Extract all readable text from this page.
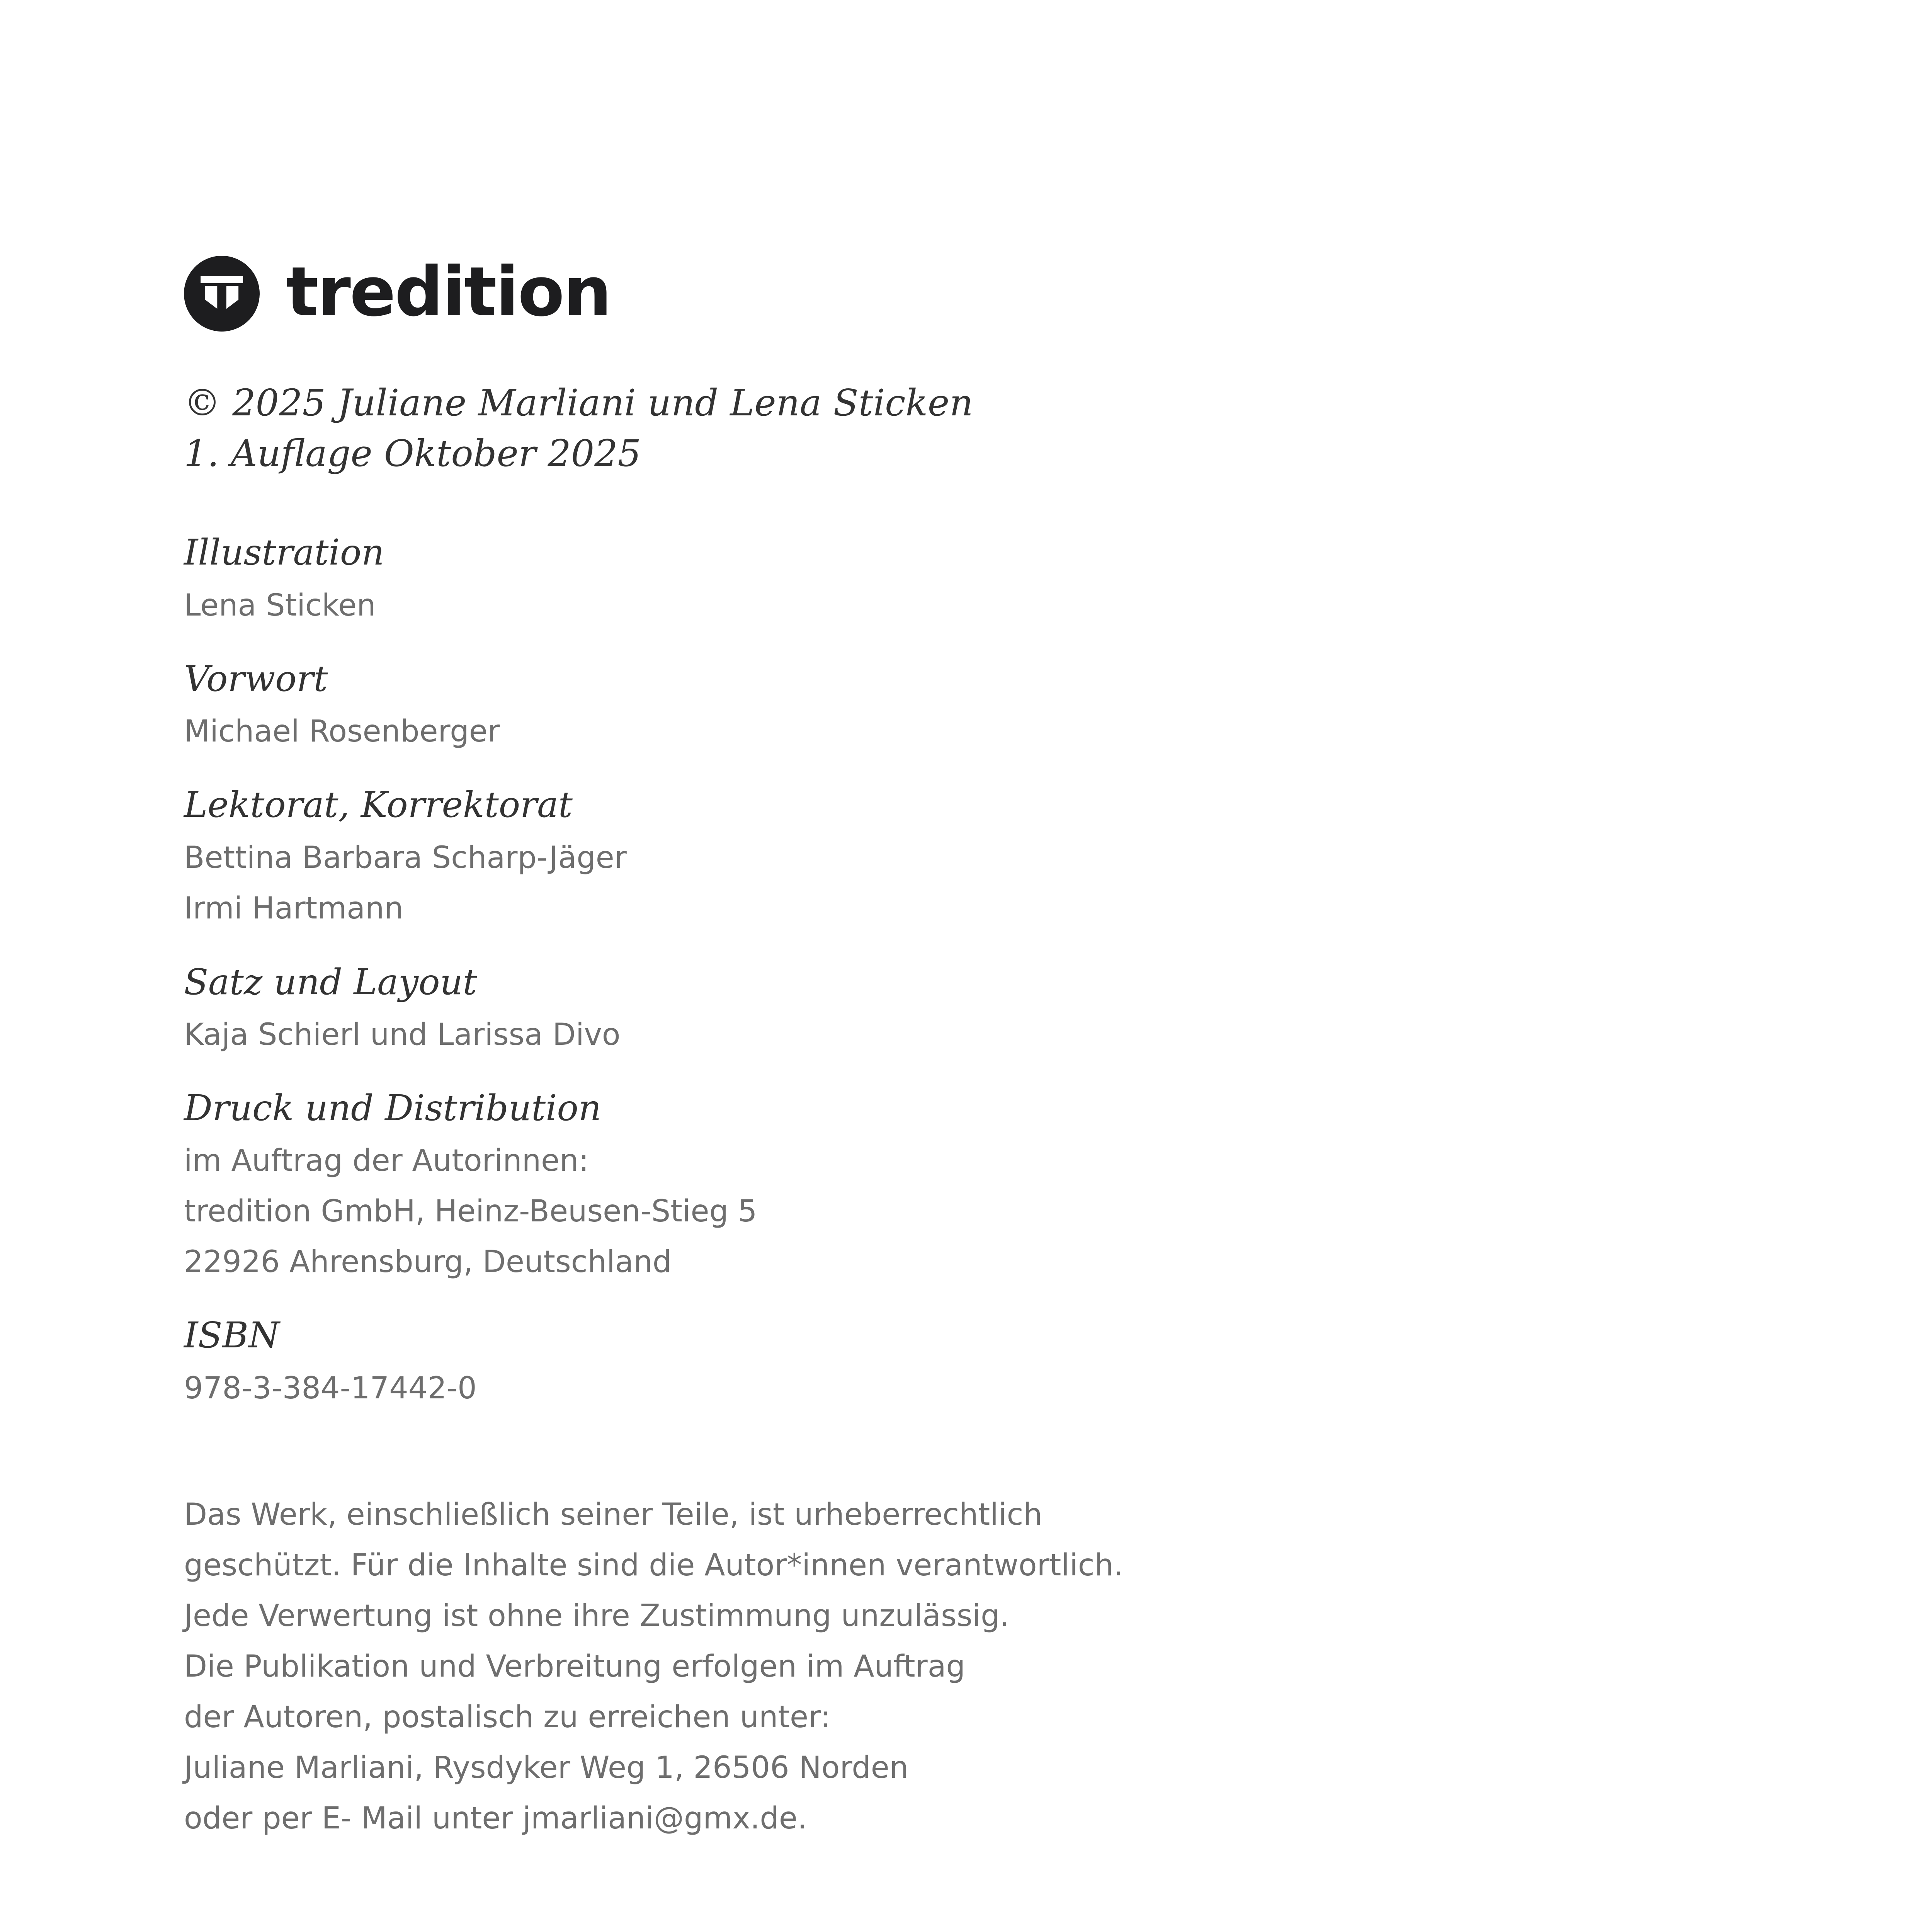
tredition
© 2025 Juliane Marliani und Lena Sticken
1. Auflage Oktober 2025
Illustration
Lena Sticken
Vorwort
Michael Rosenberger
Lektorat, Korrektorat
Bettina Barbara Scharp-Jäger
Irmi Hartmann
Satz und Layout
Kaja Schierl und Larissa Divo
Druck und Distribution
im Auftrag der Autorinnen:
tredition GmbH, Heinz-Beusen-Stieg 5
22926 Ahrensburg, Deutschland
ISBN
978-3-384-17442-0
Das Werk, einschließlich seiner Teile, ist urheberrechtlich
geschützt. Für die Inhalte sind die Autor*innen verantwortlich.
Jede Verwertung ist ohne ihre Zustimmung unzulässig.
Die Publikation und Verbreitung erfolgen im Auftrag
der Autoren, postalisch zu erreichen unter:
Juliane Marliani, Rysdyker Weg 1, 26506 Norden
oder per E- Mail unter jmarliani@gmx.de.
